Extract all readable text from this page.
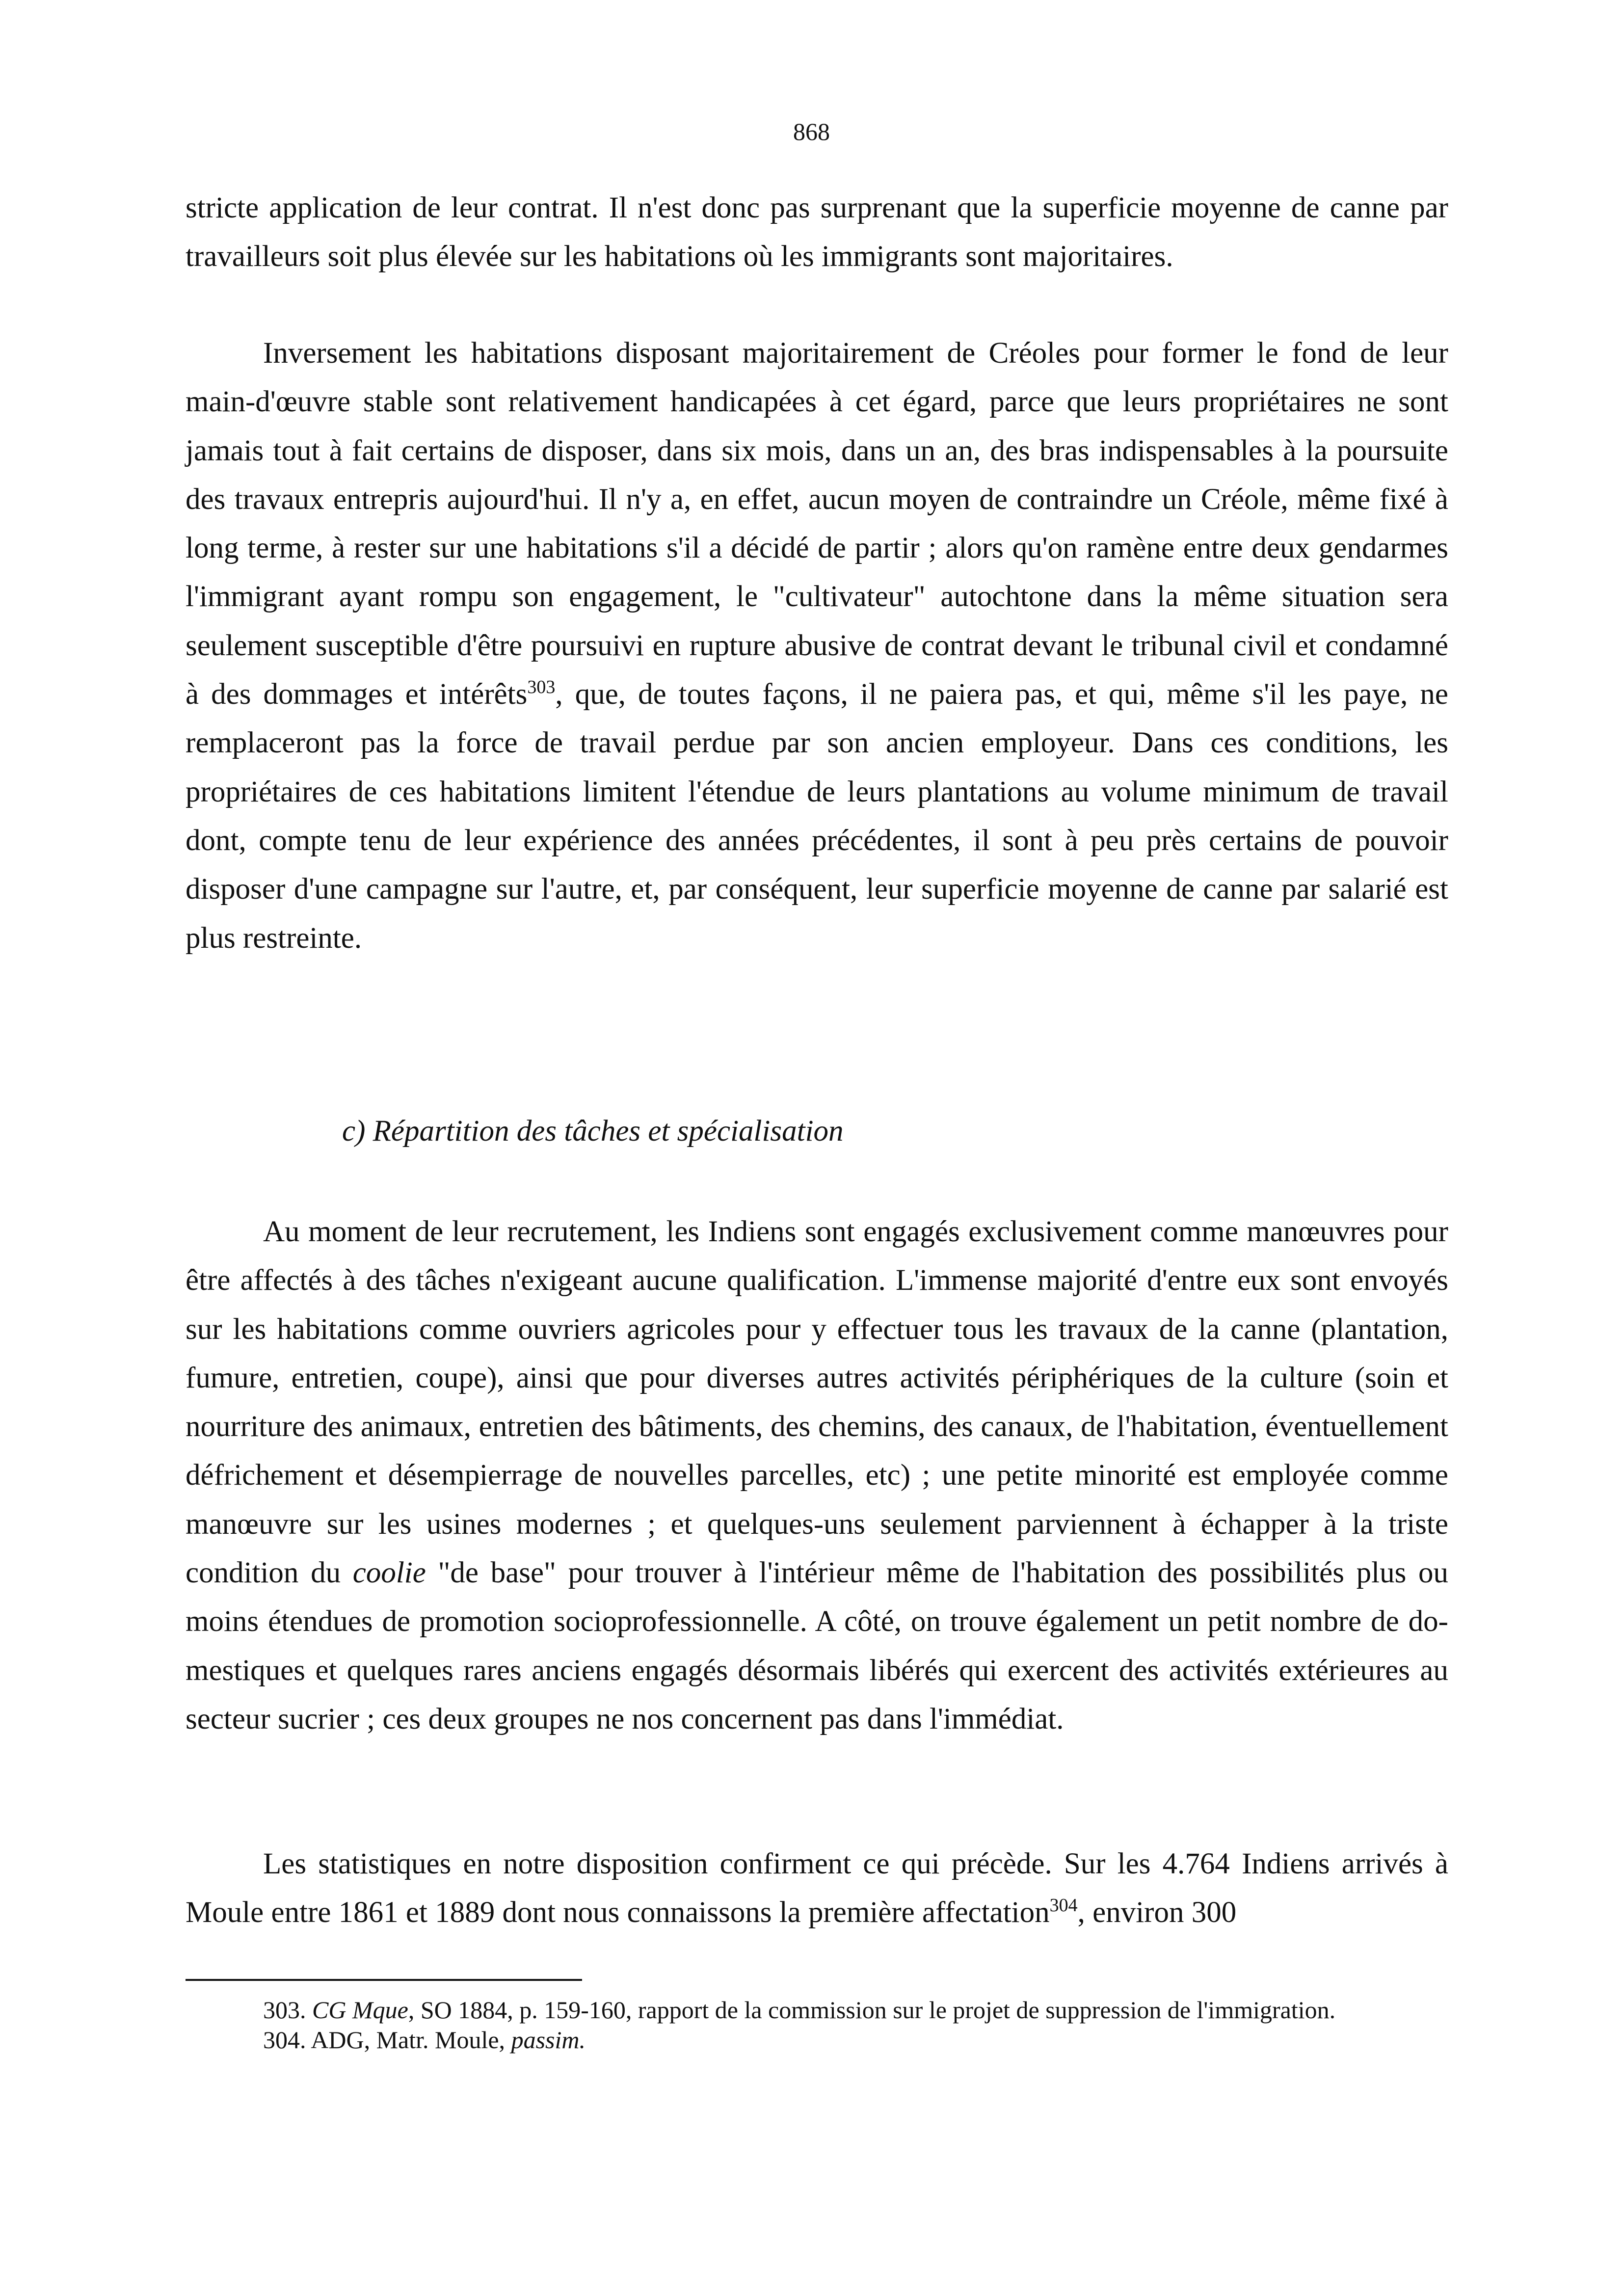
868

stricte application de leur contrat. Il n'est donc pas surprenant que la superficie moyenne de canne par travailleurs soit plus élevée sur les habitations où les immigrants sont majoritaires.

Inversement les habitations disposant majoritairement de Créoles pour former le fond de leur main-d'œuvre stable sont relativement handicapées à cet égard, parce que leurs propriétaires ne sont jamais tout à fait certains de disposer, dans six mois, dans un an, des bras indispensables à la poursuite des travaux entrepris aujourd'hui. Il n'y a, en effet, aucun moyen de contraindre un Créole, même fixé à long terme, à rester sur une habitations s'il a décidé de partir ; alors qu'on ramène entre deux gendarmes l'immigrant ayant rompu son engagement, le "cultivateur" autochtone dans la même situation sera seulement susceptible d'être poursuivi en rupture abusive de contrat devant le tribunal civil et condamné à des dommages et intérêts$^{303}$, que, de toutes façons, il ne paiera pas, et qui, même s'il les paye, ne remplaceront pas la force de travail perdue par son ancien employeur. Dans ces conditions, les propriétaires de ces habitations limitent l'étendue de leurs plantations au volume minimum de travail dont, compte tenu de leur expérience des années précédentes, il sont à peu près certains de pouvoir disposer d'une campagne sur l'autre, et, par conséquent, leur superficie moyenne de canne par salarié est plus restreinte.

c) Répartition des tâches et spécialisation

Au moment de leur recrutement, les Indiens sont engagés exclusivement comme manœuvres pour être affectés à des tâches n'exigeant aucune qualification. L'immense majorité d'entre eux sont envoyés sur les habitations comme ouvriers agricoles pour y effectuer tous les travaux de la canne (plantation, fumure, entretien, coupe), ainsi que pour diverses autres activités périphériques de la culture (soin et nourriture des animaux, entretien des bâtiments, des chemins, des canaux, de l'habitation, éventuellement défrichement et désempierrage de nouvelles parcelles, etc) ; une petite minorité est employée comme manœuvre sur les usines modernes ; et quelques-uns seulement parviennent à échapper à la triste condition du coolie "de base" pour trouver à l'intérieur même de l'habitation des possibilités plus ou moins étendues de promotion socioprofessionnelle. A côté, on trouve également un petit nombre de domestiques et quelques rares anciens engagés désormais libérés qui exercent des activités extérieures au secteur sucrier ; ces deux groupes ne nos concernent pas dans l'immédiat.

Les statistiques en notre disposition confirment ce qui précède. Sur les 4.764 Indiens arrivés à Moule entre 1861 et 1889 dont nous connaissons la première affectation$^{304}$, environ 300

303. CG Mque, SO 1884, p. 159-160, rapport de la commission sur le projet de suppression de l'immigration.

304. ADG, Matr. Moule, passim.
